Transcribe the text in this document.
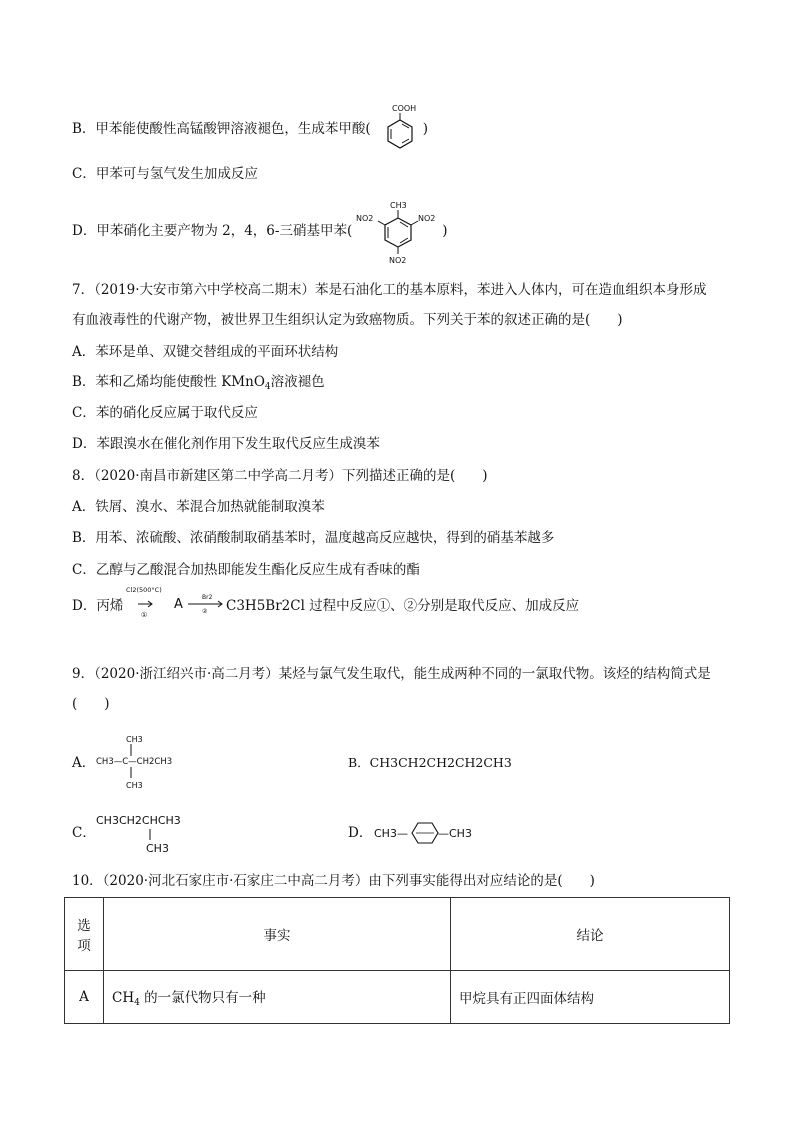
B．甲苯能使酸性高锰酸钾溶液褪色，生成苯甲酸(	)
COOH
C．甲苯可与氢气发生加成反应
D．甲苯硝化主要产物为 2，4，6-三硝基甲苯(	)
CH3
NO2	NO2
NO2
7．（2019·大安市第六中学校高二期末）苯是石油化工的基本原料，苯进入人体内，可在造血组织本身形成
有血液毒性的代谢产物，被世界卫生组织认定为致癌物质。下列关于苯的叙述正确的是(　　)
A．苯环是单、双键交替组成的平面环状结构
B．苯和乙烯均能使酸性 KMnO$_4$溶液褪色
C．苯的硝化反应属于取代反应
D．苯跟溴水在催化剂作用下发生取代反应生成溴苯
8．（2020·南昌市新建区第二中学高二月考）下列描述正确的是(　　)
A．铁屑、溴水、苯混合加热就能制取溴苯
B．用苯、浓硫酸、浓硝酸制取硝基苯时，温度越高反应越快，得到的硝基苯越多
C．乙醇与乙酸混合加热即能发生酯化反应生成有香味的酯
D．丙烯
Cl2(500°C)
①
A	Br2
② C3H5Br2Cl 过程中反应①、②分别是取代反应、加成反应
9．（2020·浙江绍兴市·高二月考）某烃与氯气发生取代，能生成两种不同的一氯取代物。该烃的结构简式是
(　　)
A．
CH3
CH3—C—CH2CH3
CH3
B．CH3CH2CH2CH2CH3
C．
CH3CH2CHCH3
CH3
D． CH3—	—CH3
10．（2020·河北石家庄市·石家庄二中高二月考）由下列事实能得出对应结论的是(　　)
选项	事实	结论
A	$CH_4$ 的一氯代物只有一种	甲烷具有正四面体结构
